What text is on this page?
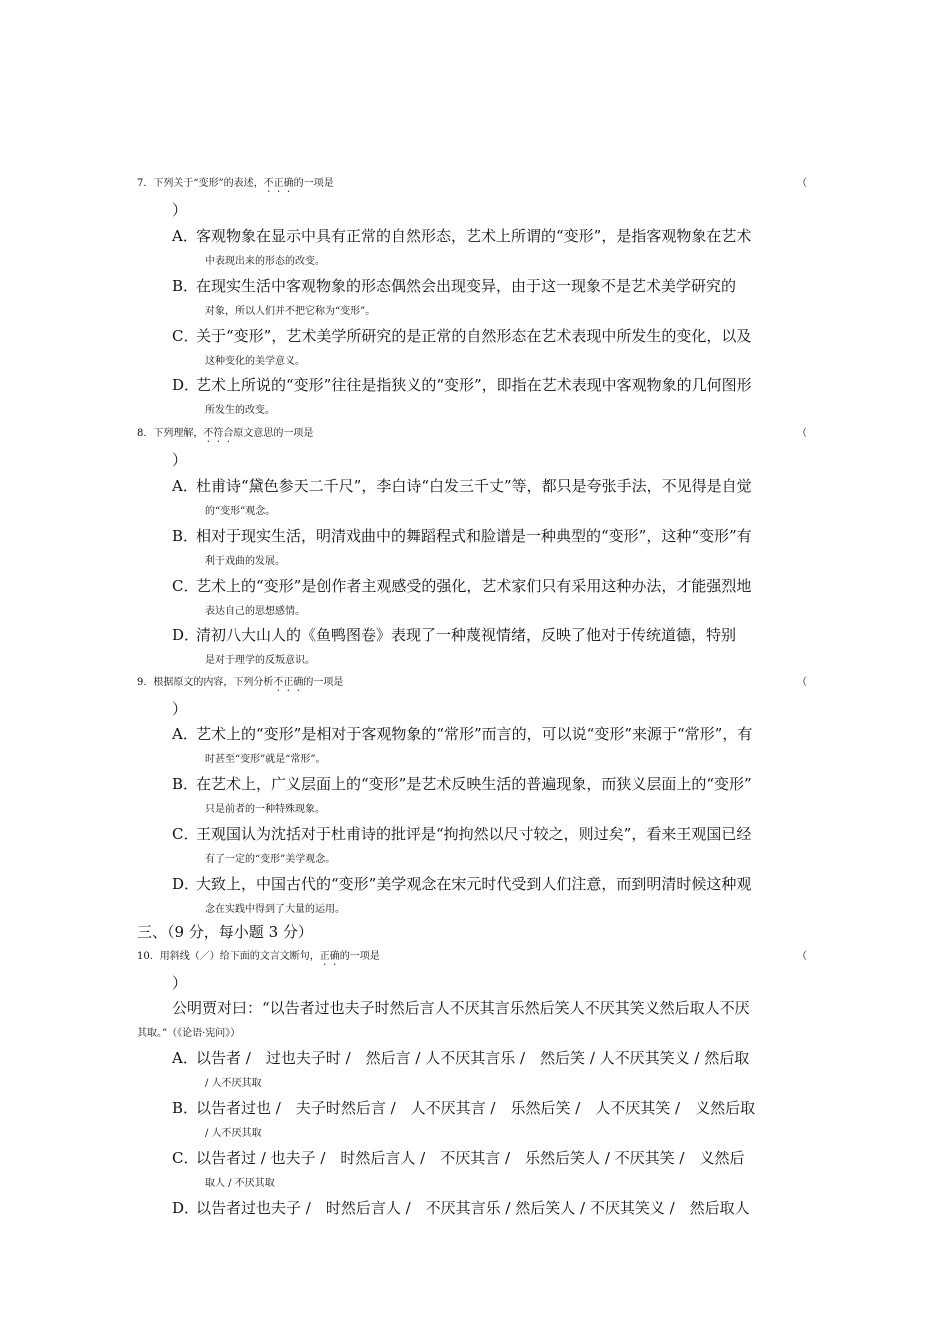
7．下列关于“变形”的表述，不正确的一项是	（
）
A．
客观物象在显示中具有正常的自然形态，艺术上所谓的“变形”，是指客观物象在艺术
中表现出来的形态的改变。
B．
在现实生活中客观物象的形态偶然会出现变异，由于这一现象不是艺术美学研究的
对象，所以人们并不把它称为“变形”。
C．
关于“变形”，艺术美学所研究的是正常的自然形态在艺术表现中所发生的变化，以及
这种变化的美学意义。
D．
艺术上所说的“变形”往往是指狭义的“变形”，即指在艺术表现中客观物象的几何图形
所发生的改变。
8．下列理解，不符合原文意思的一项是	（
）
A．
杜甫诗“黛色参天二千尺”，李白诗“白发三千丈”等，都只是夸张手法，不见得是自觉
的“变形”观念。
B．
相对于现实生活，明清戏曲中的舞蹈程式和脸谱是一种典型的“变形”，这种“变形”有
利于戏曲的发展。
C．
艺术上的“变形”是创作者主观感受的强化，艺术家们只有采用这种办法，才能强烈地
表达自己的思想感情。
D．
清初八大山人的《鱼鸭图卷》表现了一种蔑视情绪，反映了他对于传统道德，特别
是对于理学的反叛意识。
9．根据原文的内容，下列分析不正确的一项是	（
）
A．
艺术上的“变形”是相对于客观物象的“常形”而言的，可以说“变形”来源于“常形”，有
时甚至“变形”就是“常形”。
B．
在艺术上，广义层面上的“变形”是艺术反映生活的普遍现象，而狭义层面上的“变形”
只是前者的一种特殊现象。
C．
王观国认为沈括对于杜甫诗的批评是“拘拘然以尺寸较之，则过矣”，看来王观国已经
有了一定的“变形”美学观念。
D．
大致上，中国古代的“变形”美学观念在宋元时代受到人们注意，而到明清时候这种观
念在实践中得到了大量的运用。
三、（9 分，每小题 3 分）
10．用斜线（／）给下面的文言文断句，正确的一项是	（
）
公明贾对曰：“以告者过也夫子时然后言人不厌其言乐然后笑人不厌其笑义然后取人不厌
其取。”（《论语·宪问》）
A．
以告者 /　过也夫子时 /　然后言 / 人不厌其言乐 /　然后笑 / 人不厌其笑义 / 然后取
/ 人不厌其取
B．
以告者过也 /　夫子时然后言 /　人不厌其言 /　乐然后笑 /　人不厌其笑 /　义然后取
/ 人不厌其取
C．
以告者过 / 也夫子 /　时然后言人 /　不厌其言 /　乐然后笑人 / 不厌其笑 /　义然后
取人 / 不厌其取
D．
以告者过也夫子 /　时然后言人 /　不厌其言乐 / 然后笑人 / 不厌其笑义 /　然后取人
